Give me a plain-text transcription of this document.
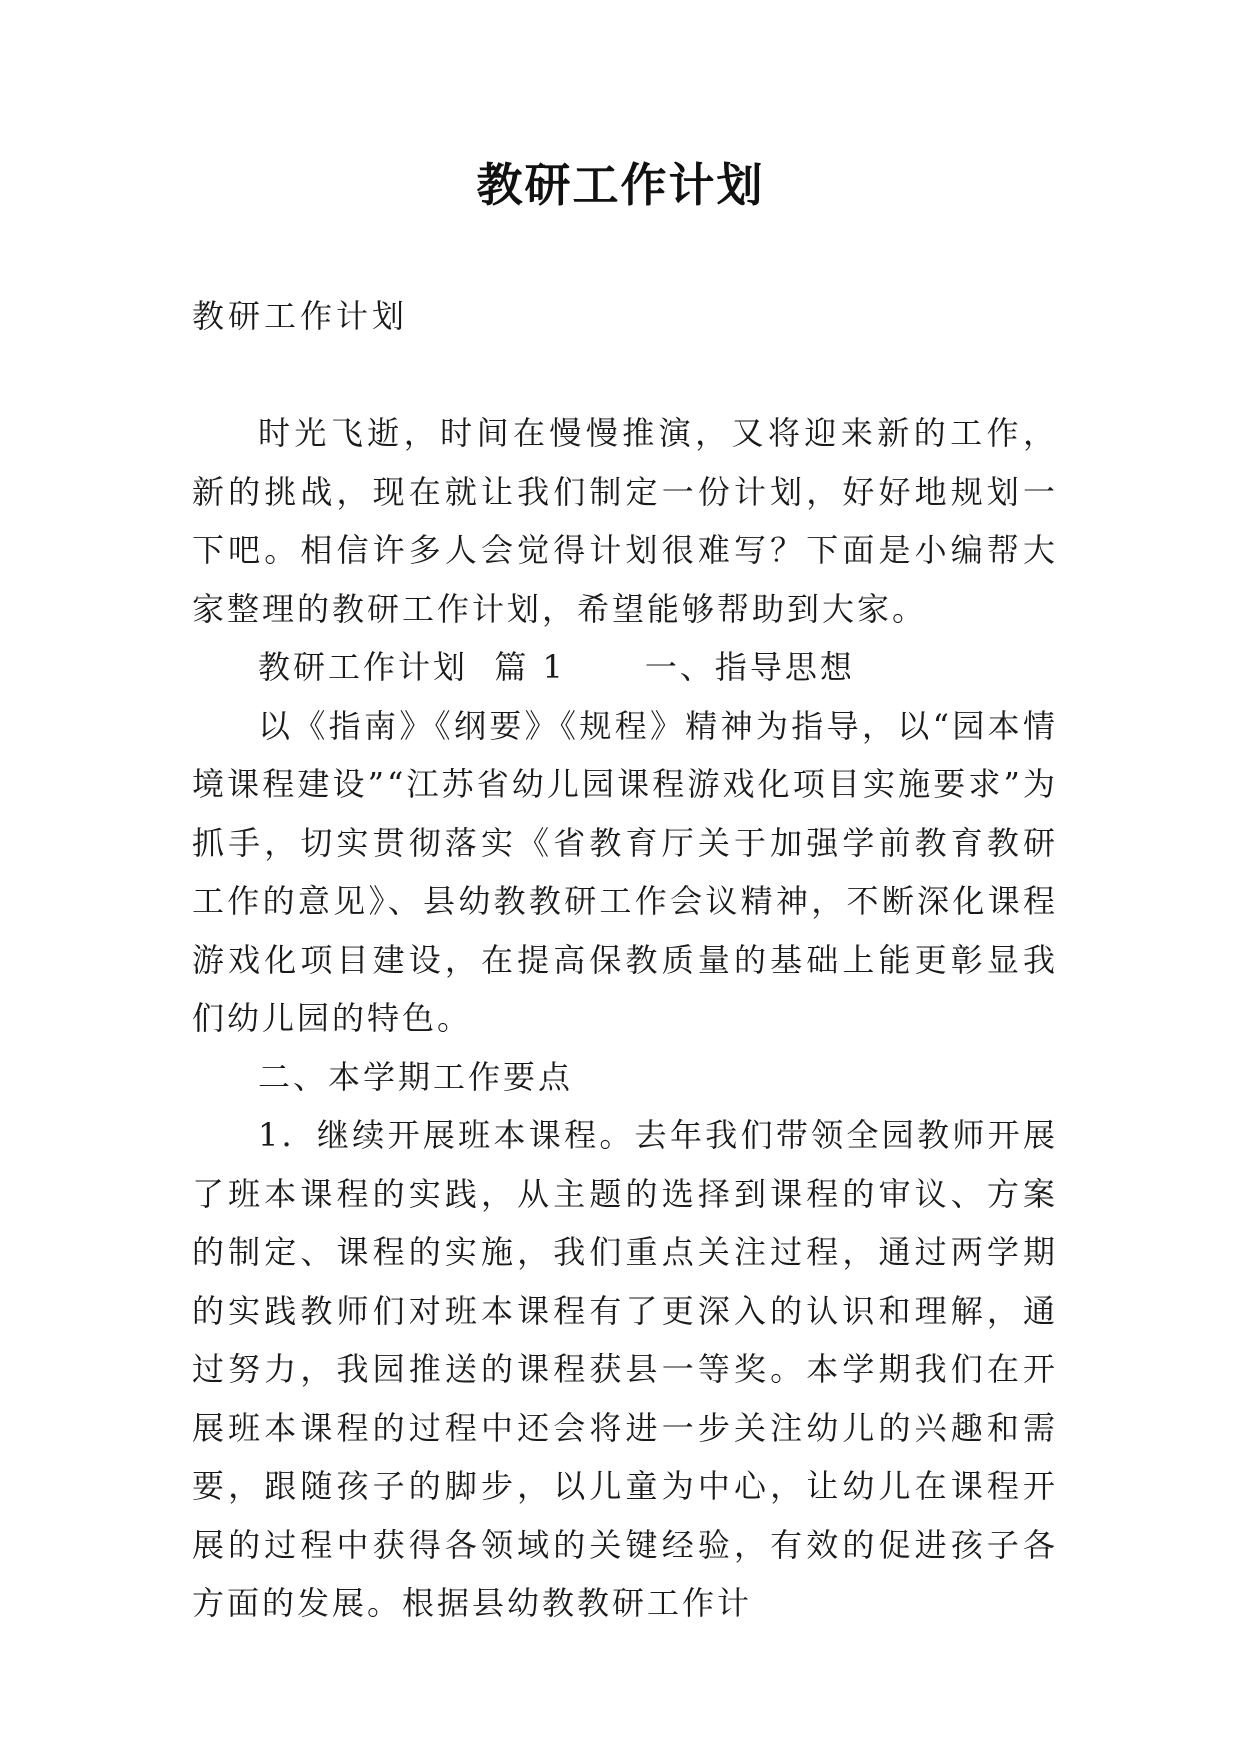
教研工作计划

教研工作计划

时光飞逝，时间在慢慢推演，又将迎来新的工作，新的挑战，现在就让我们制定一份计划，好好地规划一下吧。相信许多人会觉得计划很难写？下面是小编帮大家整理的教研工作计划，希望能够帮助到大家。

教研工作计划  篇 1      一、指导思想

以《指南》《纲要》《规程》精神为指导，以“园本情境课程建设”“江苏省幼儿园课程游戏化项目实施要求”为抓手，切实贯彻落实《省教育厅关于加强学前教育教研工作的意见》、县幼教教研工作会议精神，不断深化课程游戏化项目建设，在提高保教质量的基础上能更彰显我们幼儿园的特色。

二、本学期工作要点

1．继续开展班本课程。去年我们带领全园教师开展了班本课程的实践，从主题的选择到课程的审议、方案的制定、课程的实施，我们重点关注过程，通过两学期的实践教师们对班本课程有了更深入的认识和理解，通过努力，我园推送的课程获县一等奖。本学期我们在开展班本课程的过程中还会将进一步关注幼儿的兴趣和需要，跟随孩子的脚步，以儿童为中心，让幼儿在课程开展的过程中获得各领域的关键经验，有效的促进孩子各方面的发展。根据县幼教教研工作计
